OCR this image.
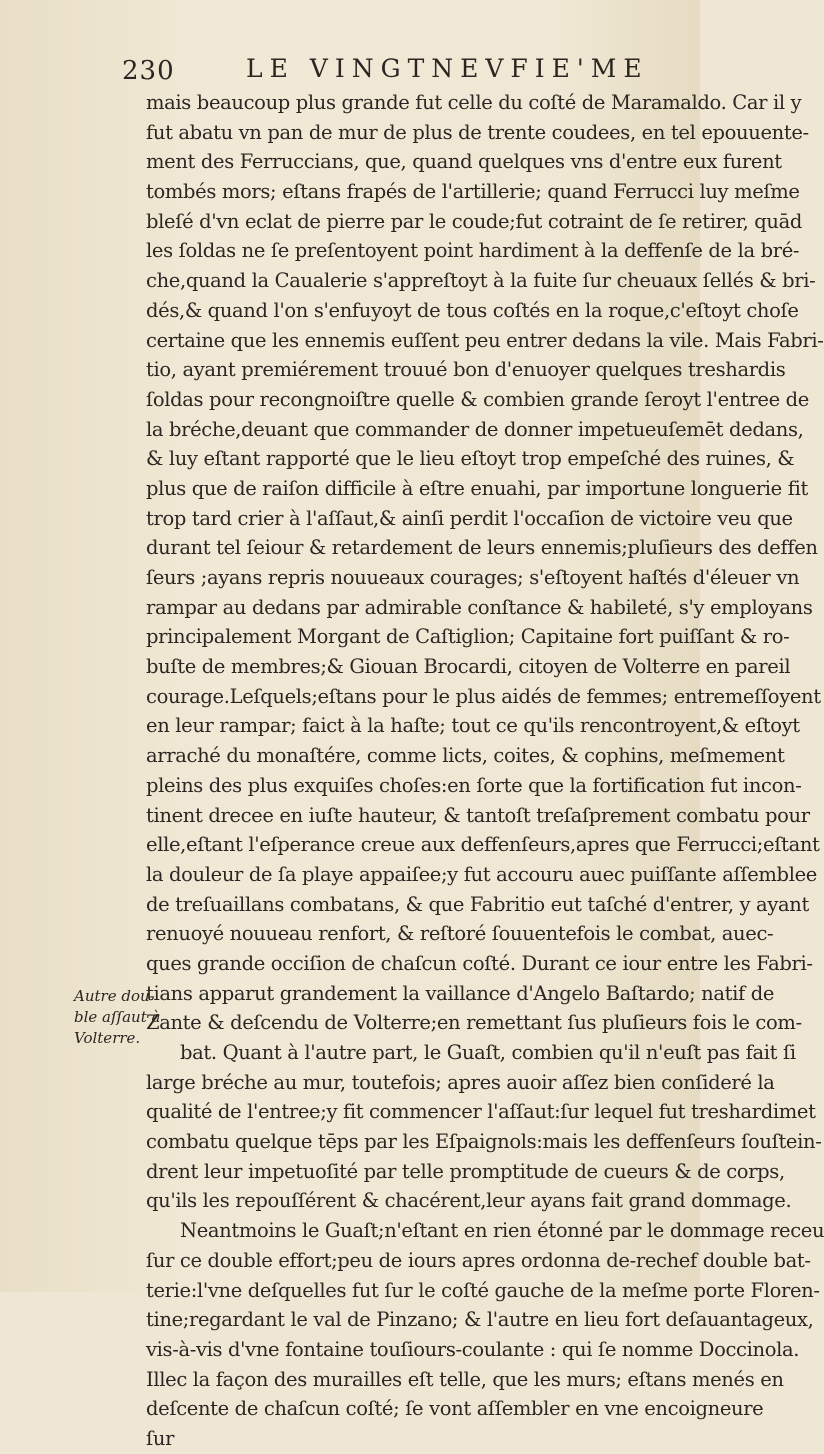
230	LE VINGTNEVFIE'ME
mais beaucoup plus grande fut celle du coſté de Maramaldo. Car il y
fut abatu vn pan de mur de plus de trente coudees, en tel epouuente-
ment des Ferruccians, que, quand quelques vns d'entre eux furent
tombés mors; eſtans frapés de l'artillerie; quand Ferrucci luy meſme
bleſé d'vn eclat de pierre par le coude;fut cotraint de ſe retirer, quād
les ſoldas ne ſe preſentoyent point hardiment à la deffenſe de la bré-
che,quand la Caualerie s'appreſtoyt à la fuite ſur cheuaux ſellés & bri-
dés,& quand l'on s'enfuyoyt de tous coſtés en la roque,c'eſtoyt choſe
certaine que les ennemis euſſent peu entrer dedans la vile. Mais Fabri-
tio, ayant premiérement trouué bon d'enuoyer quelques treshardis
ſoldas pour recongnoiſtre quelle & combien grande ſeroyt l'entree de
la bréche,deuant que commander de donner impetueuſemēt dedans,
& luy eſtant rapporté que le lieu eſtoyt trop empeſché des ruines, &
plus que de raiſon difficile à eſtre enuahi, par importune longuerie fit
trop tard crier à l'aſſaut,& ainſi perdit l'occaſion de victoire veu que
durant tel ſeiour & retardement de leurs ennemis;pluſieurs des deffen
ſeurs ;ayans repris nouueaux courages; s'eſtoyent haſtés d'éleuer vn
rampar au dedans par admirable conſtance & habileté, s'y employans
principalement Morgant de Caſtiglion; Capitaine fort puiſſant & ro-
buſte de membres;& Giouan Brocardi, citoyen de Volterre en pareil
courage.Leſquels;eſtans pour le plus aidés de femmes; entremeſſoyent
en leur rampar; faict à la haſte; tout ce qu'ils rencontroyent,& eſtoyt
arraché du monaſtére, comme licts, coites, & cophins, meſmement
pleins des plus exquiſes choſes:en ſorte que la fortification fut incon-
tinent drecee en iuſte hauteur, & tantoſt treſaſprement combatu pour
elle,eſtant l'eſperance creue aux deffenſeurs,apres que Ferrucci;eſtant
la douleur de ſa playe appaiſee;y fut accouru auec puiſſante aſſemblee
de treſuaillans combatans, & que Fabritio eut taſché d'entrer, y ayant
renuoyé nouueau renfort, & reſtoré ſouuentefois le combat, auec-
ques grande occiſion de chaſcun coſté. Durant ce iour entre les Fabri-
tians apparut grandement la vaillance d'Angelo Baſtardo; natif de
Zante & deſcendu de Volterre;en remettant ſus pluſieurs fois le com-
bat. Quant à l'autre part, le Guaſt, combien qu'il n'euſt pas fait ſi
large bréche au mur, toutefois; apres auoir aſſez bien conſideré la
qualité de l'entree;y fit commencer l'aſſaut:ſur lequel fut treshardimet
combatu quelque tēps par les Eſpaignols:mais les deffenſeurs ſouſtein-
drent leur impetuoſité par telle promptitude de cueurs & de corps,
qu'ils les repouſſérent & chacérent,leur ayans fait grand dommage.
Neantmoins le Guaſt;n'eſtant en rien étonné par le dommage receu
ſur ce double effort;peu de iours apres ordonna de-rechef double bat-
terie:l'vne deſquelles fut ſur le coſté gauche de la meſme porte Floren-
tine;regardant le val de Pinzano; & l'autre en lieu fort deſauantageux,
vis-à-vis d'vne fontaine touſiours-coulante : qui ſe nomme Doccinola.
Illec la façon des murailles eſt telle, que les murs; eſtans menés en
deſcente de chaſcun coſté; ſe vont aſſembler en vne encoigneure
ſur
Autre dou-
ble aſſaut à
Volterre.
